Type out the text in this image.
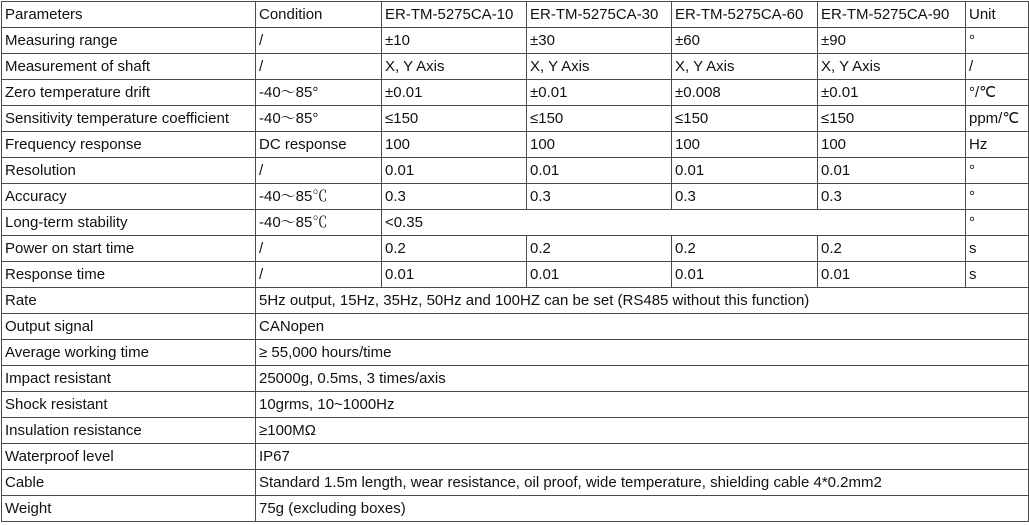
Parameters	Condition	ER-TM-5275CA-10	ER-TM-5275CA-30	ER-TM-5275CA-60	ER-TM-5275CA-90	Unit
Measuring range	/	±10	±30	±60	±90	°
Measurement of shaft	/	X, Y Axis	X, Y Axis	X, Y Axis	X, Y Axis	/
Zero temperature drift	-40～85°	±0.01	±0.01	±0.008	±0.01	°/℃
Sensitivity temperature coefficient	-40～85°	≤150	≤150	≤150	≤150	ppm/℃
Frequency response	DC response	100	100	100	100	Hz
Resolution	/	0.01	0.01	0.01	0.01	°
Accuracy	-40～85℃	0.3	0.3	0.3	0.3	°
Long-term stability	-40～85℃	<0.35				°
Power on start time	/	0.2	0.2	0.2	0.2	s
Response time	/	0.01	0.01	0.01	0.01	s
Rate	5Hz output, 15Hz, 35Hz, 50Hz and 100HZ can be set (RS485 without this function)					
Output signal	CANopen					
Average working time	≥ 55,000 hours/time					
Impact resistant	25000g, 0.5ms, 3 times/axis					
Shock resistant	10grms, 10~1000Hz					
Insulation resistance	≥100MΩ					
Waterproof level	IP67					
Cable	Standard 1.5m length, wear resistance, oil proof, wide temperature, shielding cable 4*0.2mm2					
Weight	75g (excluding boxes)					
